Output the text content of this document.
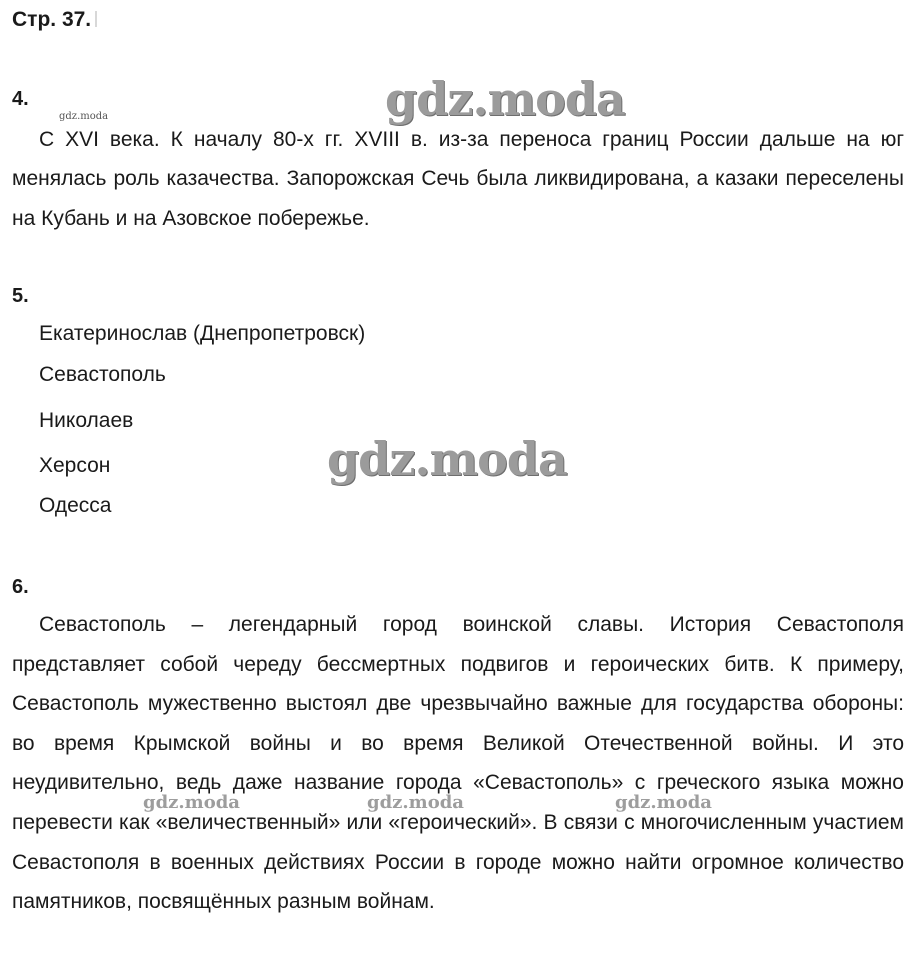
Стр. 37.
4.

С XVI века. К началу 80-х гг. XVIII в. из-за переноса границ России дальше на юг менялась роль казачества. Запорожская Сечь была ликвидирована, а казаки переселены на Кубань и на Азовское побережье.

5.
Екатеринослав (Днепропетровск)
Севастополь
Николаев
Херсон
Одесса
6.

Севастополь – легендарный город воинской славы. История Севастополя представляет собой череду бессмертных подвигов и героических битв. К примеру, Севастополь мужественно выстоял две чрезвычайно важные для государства обороны: во время Крымской войны и во время Великой Отечественной войны. И это неудивительно, ведь даже название города «Севастополь» с греческого языка можно перевести как «величественный» или «героический». В связи с многочисленным участием Севастополя в военных действиях России в городе можно найти огромное количество памятников, посвящённых разным войнам.

gdz.moda
gdz.moda
gdz.moda
gdz.moda	gdz.moda	gdz.moda
